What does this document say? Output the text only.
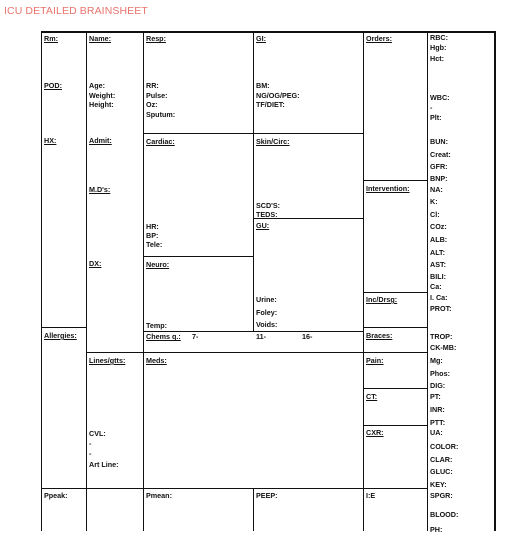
ICU DETAILED BRAINSHEET
Rm:
POD:
HX:
Allergies:
Ppeak:
Name:
Age:
Weight:
Height:
Admit:
M.D's:
DX:
Lines/gtts:
CVL:
-
-
Art Line:
Pmean:
Resp:
RR:
Pulse:
Oz:
Sputum:
GI:
BM:
NG/OG/PEG:
TF/DIET:
Cardiac:
HR:
BP:
Tele:
Skin/Circ:
SCD'S:
TEDS:
GU:
Urine:
Foley:
Voids:
Neuro:
Temp:
Chems q.: 7-	11-	16-
Meds:
PEEP:
Orders:
Intervention:
Inc/Drsg:
Braces:
Pain:
CT:
CXR:
I:E
RBC:
Hgb:
Hct:
WBC:
-
Plt:
BUN:
Creat:
GFR:
BNP:
NA:
K:
Cl:
COz:
ALB:
ALT:
AST:
BILI:
Ca:
I. Ca:
PROT:
TROP:
CK-MB:
Mg:
Phos:
DIG:
PT:
INR:
PTT:
UA:
COLOR:
CLAR:
GLUC:
KEY:
SPGR:
BLOOD:
PH:
